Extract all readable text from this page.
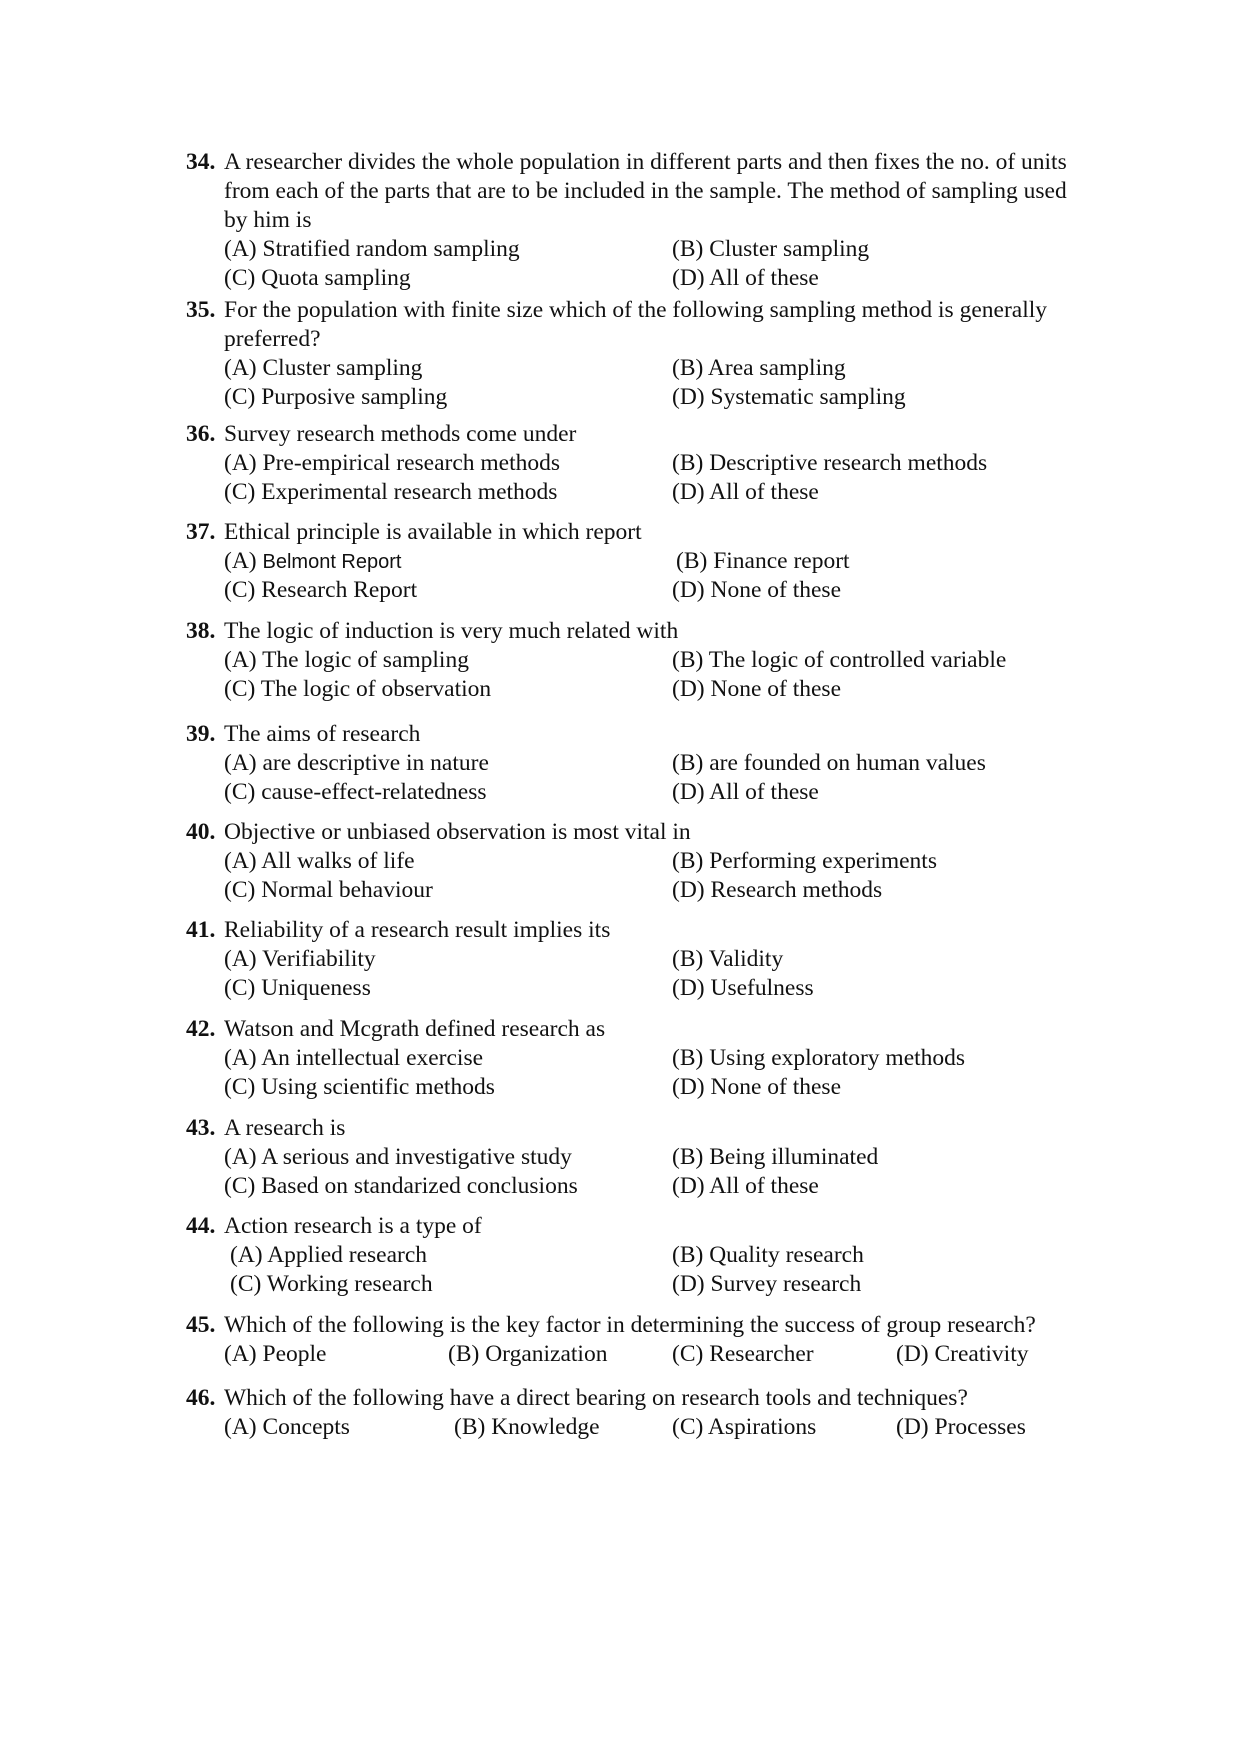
34. A researcher divides the whole population in different parts and then fixes the no. of units from each of the parts that are to be included in the sample. The method of sampling used by him is
(A) Stratified random sampling	(B) Cluster sampling
(C) Quota sampling	(D) All of these
35. For the population with finite size which of the following sampling method is generally preferred?
(A) Cluster sampling	(B) Area sampling
(C) Purposive sampling	(D) Systematic sampling
36. Survey research methods come under
(A) Pre-empirical research methods	(B) Descriptive research methods
(C) Experimental research methods	(D) All of these
37. Ethical principle is available in which report
(A) Belmont Report	(B) Finance report
(C) Research Report	(D) None of these
38. The logic of induction is very much related with
(A) The logic of sampling	(B) The logic of controlled variable
(C) The logic of observation	(D) None of these
39. The aims of research
(A) are descriptive in nature	(B) are founded on human values
(C) cause-effect-relatedness	(D) All of these
40. Objective or unbiased observation is most vital in
(A) All walks of life	(B) Performing experiments
(C) Normal behaviour	(D) Research methods
41. Reliability of a research result implies its
(A) Verifiability	(B) Validity
(C) Uniqueness	(D) Usefulness
42. Watson and Mcgrath defined research as
(A) An intellectual exercise	(B) Using exploratory methods
(C) Using scientific methods	(D) None of these
43. A research is
(A) A serious and investigative study	(B) Being illuminated
(C) Based on standarized conclusions	(D) All of these
44. Action research is a type of
(A) Applied research	(B) Quality research
(C) Working research	(D) Survey research
45. Which of the following is the key factor in determining the success of group research?
(A) People	(B) Organization	(C) Researcher	(D) Creativity
46. Which of the following have a direct bearing on research tools and techniques?
(A) Concepts	(B) Knowledge	(C) Aspirations	(D) Processes
